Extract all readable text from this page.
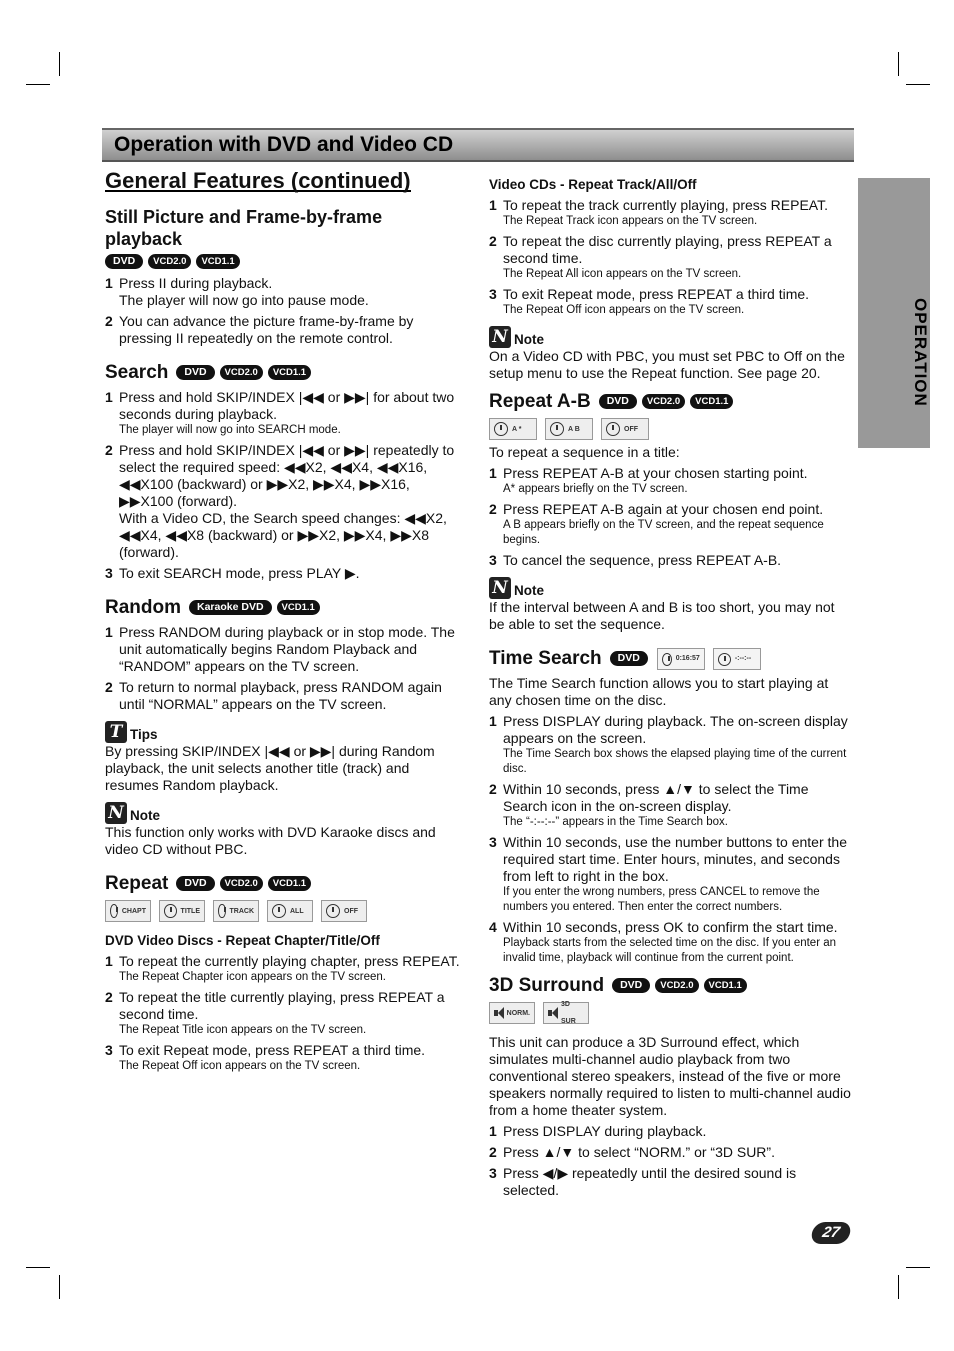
Operation with DVD and Video CD
OPERATION
General Features (continued)
Still Picture and Frame-by-frame playback
DVD VCD2.0 VCD1.1
1 Press II during playback.
The player will now go into pause mode.
2 You can advance the picture frame-by-frame by pressing II repeatedly on the remote control.
Search	DVD VCD2.0 VCD1.1
1 Press and hold SKIP/INDEX |◀◀ or ▶▶| for about two seconds during playback.
The player will now go into SEARCH mode.
2 Press and hold SKIP/INDEX |◀◀ or ▶▶| repeatedly to select the required speed: ◀◀X2, ◀◀X4, ◀◀X16, ◀◀X100 (backward) or ▶▶X2, ▶▶X4, ▶▶X16, ▶▶X100 (forward).
With a Video CD, the Search speed changes: ◀◀X2, ◀◀X4, ◀◀X8 (backward) or ▶▶X2, ▶▶X4, ▶▶X8 (forward).
3 To exit SEARCH mode, press PLAY ▶.
Random	Karaoke DVD VCD1.1
1 Press RANDOM during playback or in stop mode. The unit automatically begins Random Playback and “RANDOM” appears on the TV screen.
2 To return to normal playback, press RANDOM again until “NORMAL” appears on the TV screen.
T Tips
By pressing SKIP/INDEX |◀◀ or ▶▶| during Random playback, the unit selects another title (track) and resumes Random playback.
N Note
This function only works with DVD Karaoke discs and video CD without PBC.
Repeat	DVD VCD2.0 VCD1.1
CHAPT	TITLE	TRACK	ALL	OFF
DVD Video Discs - Repeat Chapter/Title/Off
1 To repeat the currently playing chapter, press REPEAT.
The Repeat Chapter icon appears on the TV screen.
2 To repeat the title currently playing, press REPEAT a second time.
The Repeat Title icon appears on the TV screen.
3 To exit Repeat mode, press REPEAT a third time.
The Repeat Off icon appears on the TV screen.
Video CDs - Repeat Track/All/Off
1 To repeat the track currently playing, press REPEAT.
The Repeat Track icon appears on the TV screen.
2 To repeat the disc currently playing, press REPEAT a second time.
The Repeat All icon appears on the TV screen.
3 To exit Repeat mode, press REPEAT a third time.
The Repeat Off icon appears on the TV screen.
N Note
On a Video CD with PBC, you must set PBC to Off on the setup menu to use the Repeat function. See page 20.
Repeat A-B	DVD VCD2.0 VCD1.1
A *	A B	OFF
To repeat a sequence in a title:
1 Press REPEAT A-B at your chosen starting point.
A* appears briefly on the TV screen.
2 Press REPEAT A-B again at your chosen end point.
A B appears briefly on the TV screen, and the repeat sequence begins.
3 To cancel the sequence, press REPEAT A-B.
N Note
If the interval between A and B is too short, you may not be able to set the sequence.
Time Search	DVD	0:16:57	-:--:--
The Time Search function allows you to start playing at any chosen time on the disc.
1 Press DISPLAY during playback. The on-screen display appears on the screen.
The Time Search box shows the elapsed playing time of the current disc.
2 Within 10 seconds, press ▲/▼ to select the Time Search icon in the on-screen display.
The “-:--:--” appears in the Time Search box.
3 Within 10 seconds, use the number buttons to enter the required start time. Enter hours, minutes, and seconds from left to right in the box.
If you enter the wrong numbers, press CANCEL to remove the numbers you entered. Then enter the correct numbers.
4 Within 10 seconds, press OK to confirm the start time.
Playback starts from the selected time on the disc. If you enter an invalid time, playback will continue from the current point.
3D Surround	DVD VCD2.0 VCD1.1
NORM.
3D SUR
This unit can produce a 3D Surround effect, which simulates multi-channel audio playback from two conventional stereo speakers, instead of the five or more speakers normally required to listen to multi-channel audio from a home theater system.
1 Press DISPLAY during playback.
2 Press ▲/▼ to select “NORM.” or “3D SUR”.
3 Press ◀/▶ repeatedly until the desired sound is selected.
27
